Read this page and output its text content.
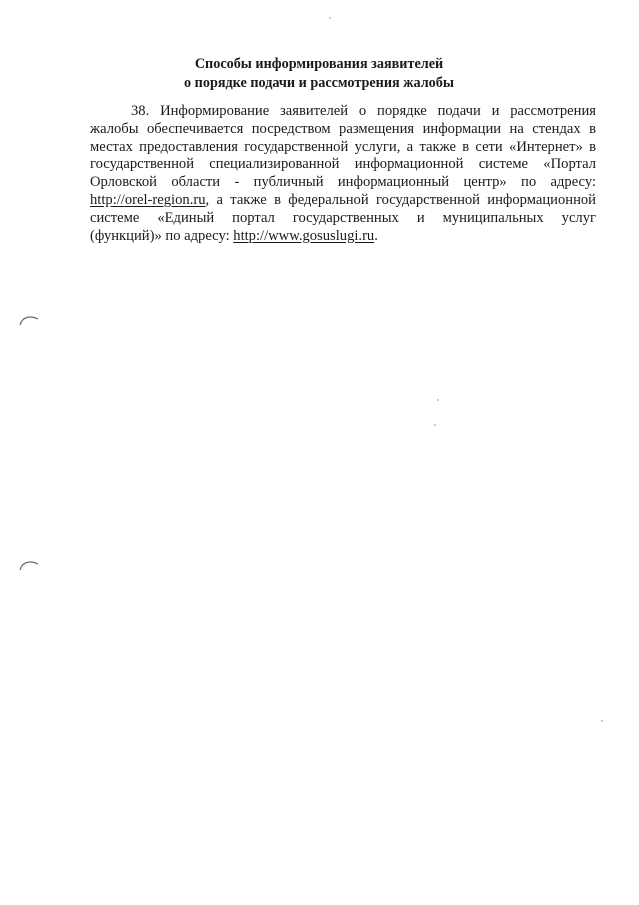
Способы информирования заявителей
о порядке подачи и рассмотрения жалобы
38. Информирование заявителей о порядке подачи и рассмотрения
жалобы обеспечивается посредством размещения информации на стендах в
местах предоставления государственной услуги, а также в сети «Интернет» в
государственной специализированной информационной системе «Портал
Орловской области - публичный информационный центр» по адресу:
http://orel-region.ru, а также в федеральной государственной информационной
системе «Единый портал государственных и муниципальных услуг
(функций)» по адресу: http://www.gosuslugi.ru.
